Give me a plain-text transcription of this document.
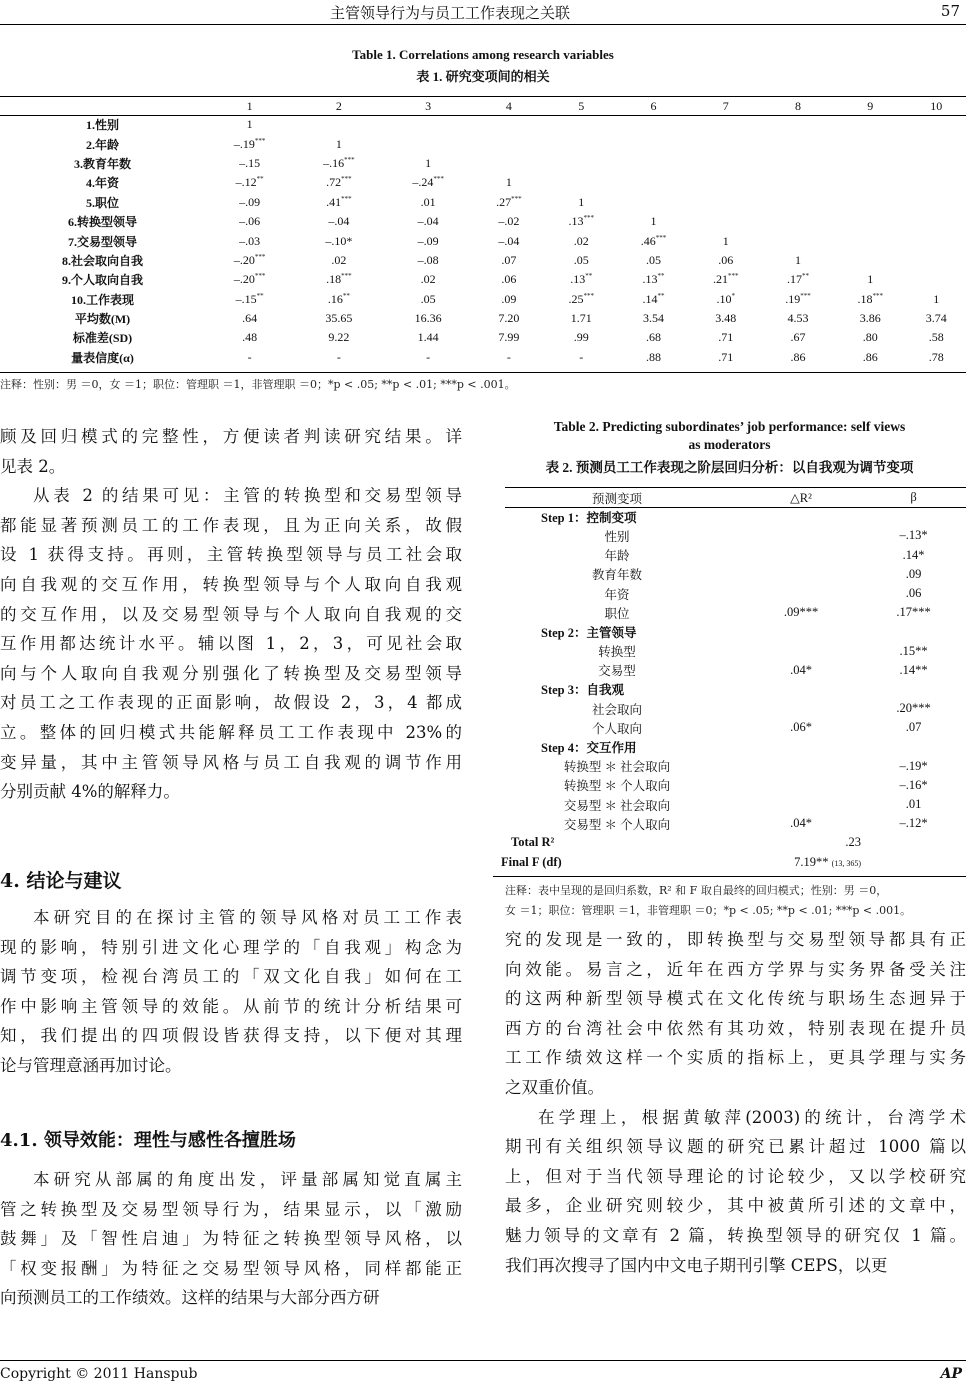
主管领导行为与员工工作表现之关联	57
Table 1. Correlations among research variables
表 1. 研究变项间的相关
	1	2	3	4	5	6	7	8	9	10
1.性别	1									
2.年龄	–.19***	1								
3.教育年数	–.15	–.16***	1							
4.年资	–.12**	.72***	–.24***	1						
5.职位	–.09	.41***	.01	.27***	1					
6.转换型领导	–.06	–.04	–.04	–.02	.13***	1				
7.交易型领导	–.03	–.10*	–.09	–.04	.02	.46***	1			
8.社会取向自我	–.20***	.02	–.08	.07	.05	.05	.06	1		
9.个人取向自我	–.20***	.18***	.02	.06	.13**	.13**	.21***	.17**	1	
10.工作表现	–.15**	.16**	.05	.09	.25***	.14**	.10*	.19***	.18***	1
平均数(M)	.64	35.65	16.36	7.20	1.71	3.54	3.48	4.53	3.86	3.74
标准差(SD)	.48	9.22	1.44	7.99	.99	.68	.71	.67	.80	.58
量表信度(α)	-	-	-	-	-	.88	.71	.86	.86	.78
注释：性别：男 ＝0，女 ＝1；职位：管理职 ＝1，非管理职 ＝0；*p < .05; **p < .01; ***p < .001。
顾及回归模式的完整性，方便读者判读研究结果。详
见表 2。
从表 2 的结果可见：主管的转换型和交易型领导
都能显著预测员工的工作表现，且为正向关系，故假
设 1 获得支持。再则，主管转换型领导与员工社会取
向自我观的交互作用，转换型领导与个人取向自我观
的交互作用，以及交易型领导与个人取向自我观的交
互作用都达统计水平。辅以图 1，2，3，可见社会取
向与个人取向自我观分别强化了转换型及交易型领导
对员工之工作表现的正面影响，故假设 2，3，4 都成
立。整体的回归模式共能解释员工工作表现中 23%的
变异量，其中主管领导风格与员工自我观的调节作用
分别贡献 4%的解释力。
4. 结论与建议
本研究目的在探讨主管的领导风格对员工工作表
现的影响，特别引进文化心理学的「自我观」构念为
调节变项，检视台湾员工的「双文化自我」如何在工
作中影响主管领导的效能。从前节的统计分析结果可
知，我们提出的四项假设皆获得支持，以下便对其理
论与管理意涵再加讨论。
4.1. 领导效能：理性与感性各擅胜场
本研究从部属的角度出发，评量部属知觉直属主
管之转换型及交易型领导行为，结果显示，以「激励
鼓舞」及「智性启迪」为特征之转换型领导风格，以
「权变报酬」为特征之交易型领导风格，同样都能正
向预测员工的工作绩效。这样的结果与大部分西方研
Table 2. Predicting subordinates’ job performance: self views
as moderators
表 2. 预测员工工作表现之阶层回归分析：以自我观为调节变项
预测变项	△R²	β
Step 1：控制变项		
性别		–.13*
年龄		.14*
教育年数		.09
年资		.06
职位	.09***	.17***
Step 2：主管领导		
转换型		.15**
交易型	.04*	.14**
Step 3：自我观		
社会取向		.20***
个人取向	.06*	.07
Step 4：交互作用		
转换型 ＊ 社会取向		–.19*
转换型 ＊ 个人取向		–.16*
交易型 ＊ 社会取向		.01
交易型 ＊ 个人取向	.04*	–.12*
Total R²	.23	
Final F (df)	7.19** (13, 365)	
注释：表中呈现的是回归系数，R² 和 F 取自最终的回归模式；性别：男 ＝0，
女 ＝1；职位：管理职 ＝1，非管理职 ＝0；*p < .05; **p < .01; ***p < .001。
究的发现是一致的，即转换型与交易型领导都具有正
向效能。易言之，近年在西方学界与实务界备受关注
的这两种新型领导模式在文化传统与职场生态迥异于
西方的台湾社会中依然有其功效，特别表现在提升员
工工作绩效这样一个实质的指标上，更具学理与实务
之双重价值。
在学理上，根据黄敏萍(2003)的统计，台湾学术
期刊有关组织领导议题的研究已累计超过 1000 篇以
上，但对于当代领导理论的讨论较少，又以学校研究
最多，企业研究则较少，其中被黄所引述的文章中，
魅力领导的文章有 2 篇，转换型领导的研究仅 1 篇。
我们再次搜寻了国内中文电子期刊引擎 CEPS，以更
Copyright © 2011 Hanspub	AP
